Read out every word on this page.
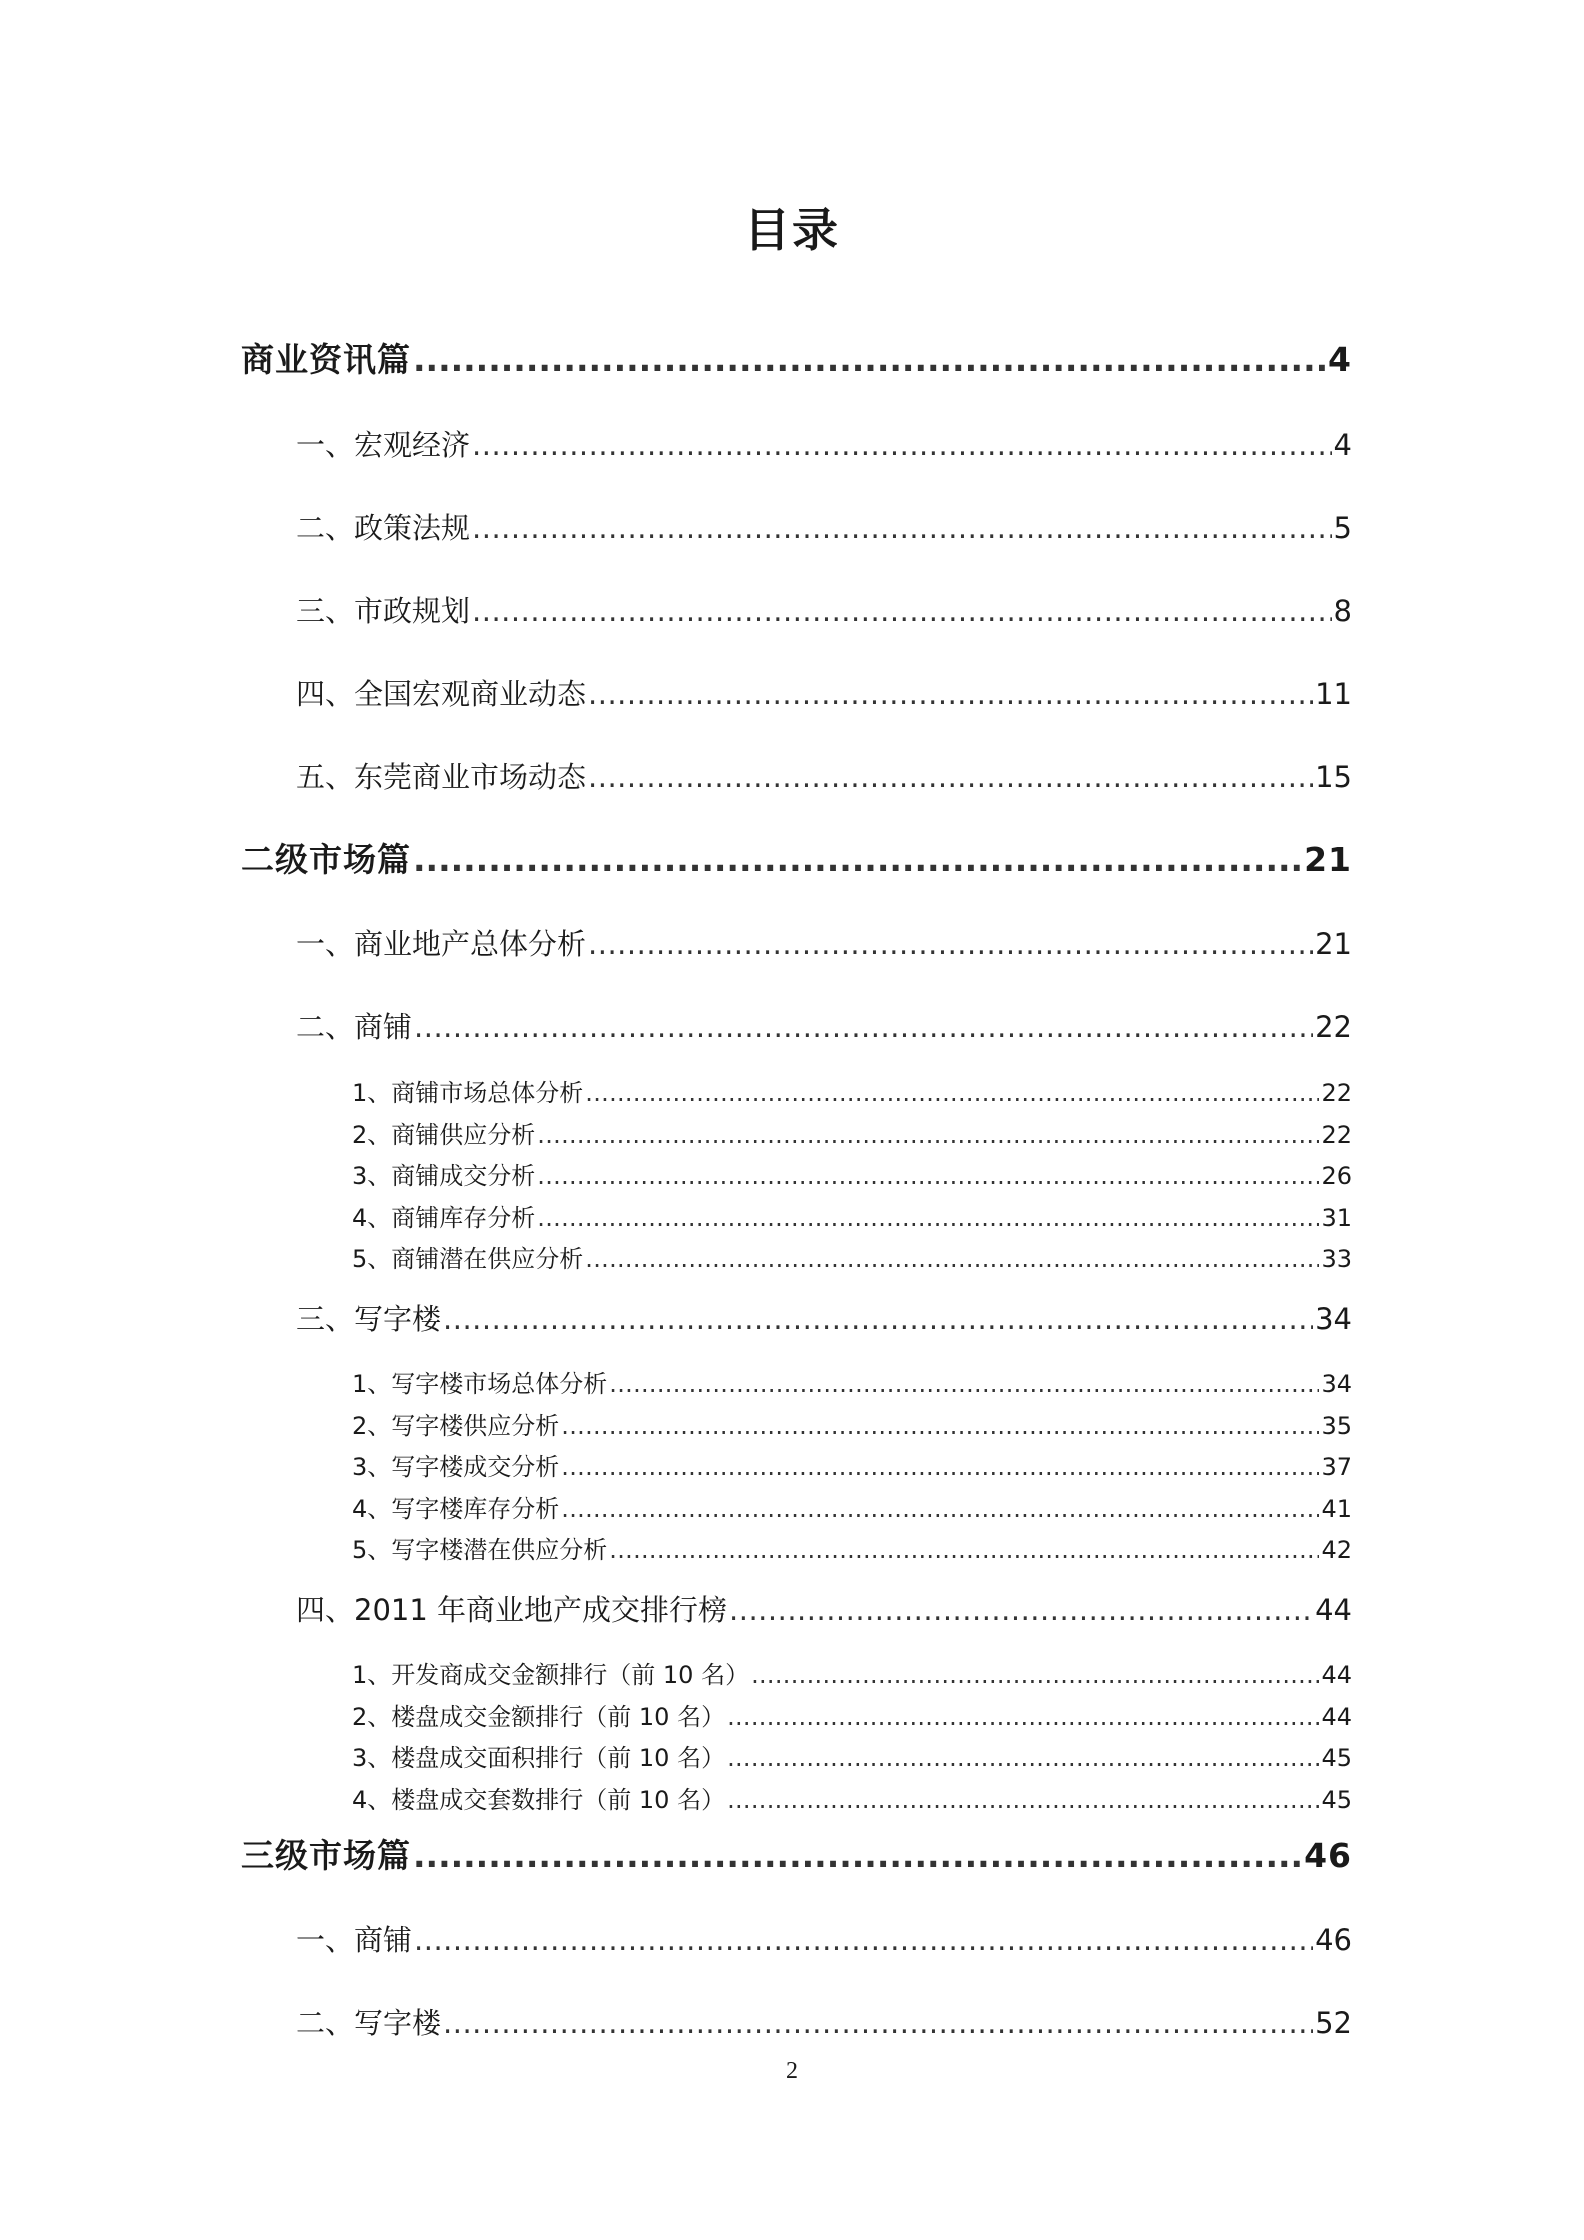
目录
商业资讯篇 .....	4
一、宏观经济 .....	4
二、政策法规 .....	5
三、市政规划 .....	8
四、全国宏观商业动态 .....	11
五、东莞商业市场动态 .....	15
二级市场篇 .....	21
一、商业地产总体分析 .....	21
二、商铺 .....	22
1、商铺市场总体分析 .....	22
2、商铺供应分析 .....	22
3、商铺成交分析 .....	26
4、商铺库存分析 .....	31
5、商铺潜在供应分析 .....	33
三、写字楼 .....	34
1、写字楼市场总体分析 .....	34
2、写字楼供应分析 .....	35
3、写字楼成交分析 .....	37
4、写字楼库存分析 .....	41
5、写字楼潜在供应分析 .....	42
四、2011 年商业地产成交排行榜 .....	44
1、开发商成交金额排行（前 10 名） .....	44
2、楼盘成交金额排行（前 10 名） .....	44
3、楼盘成交面积排行（前 10 名） .....	45
4、楼盘成交套数排行（前 10 名） .....	45
三级市场篇 .....	46
一、商铺 .....	46
二、写字楼 .....	52
2
